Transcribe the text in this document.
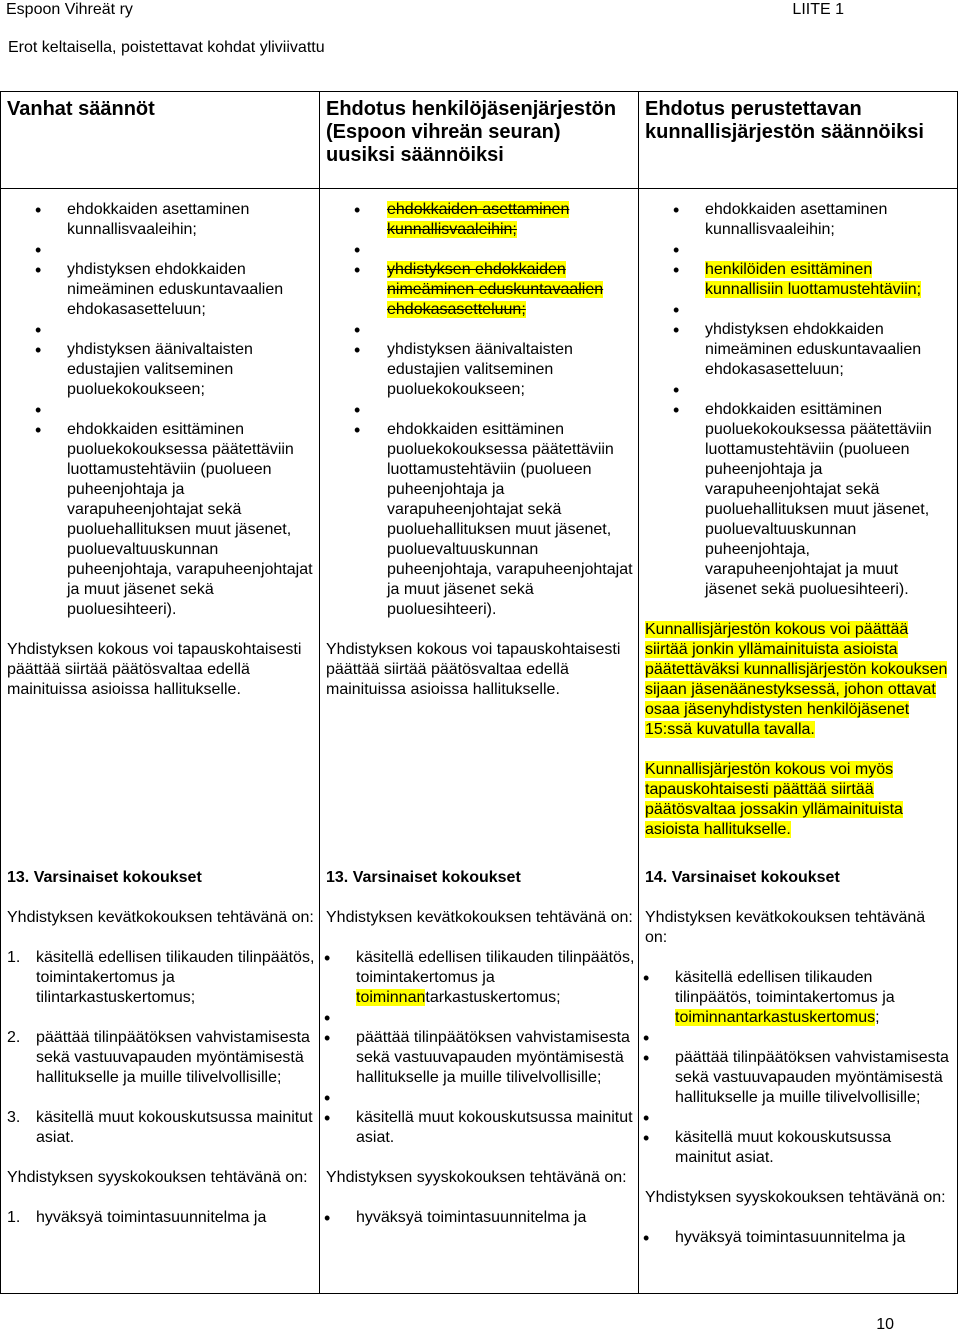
Espoon Vihreät ry	LIITE 1
Erot keltaisella, poistettavat kohdat yliviivattu
Vanhat säännöt	Ehdotus henkilöjäsenjärjestön (Espoon vihreän seuran) uusiksi säännöiksi
Ehdotus perustettavan kunnallisjärjestön säännöiksi
• ehdokkaiden asettaminen kunnallisvaaleihin;
•
• yhdistyksen ehdokkaiden nimeäminen eduskuntavaalien ehdokasasetteluun;
•
• yhdistyksen äänivaltaisten edustajien valitseminen puoluekokoukseen;
•
• ehdokkaiden esittäminen puoluekokouksessa päätettäviin luottamustehtäviin (puolueen puheenjohtaja ja varapuheenjohtajat sekä puoluehallituksen muut jäsenet, puoluevaltuuskunnan puheenjohtaja, varapuheenjohtajat ja muut jäsenet sekä puoluesihteeri).
Yhdistyksen kokous voi tapauskohtaisesti päättää siirtää päätösvaltaa edellä mainituissa asioissa hallitukselle.
13. Varsinaiset kokoukset
Yhdistyksen kevätkokouksen tehtävänä on:
1. käsitellä edellisen tilikauden tilinpäätös, toimintakertomus ja tilintarkastuskertomus;
2. päättää tilinpäätöksen vahvistamisesta sekä vastuuvapauden myöntämisestä hallitukselle ja muille tilivelvollisille;
3. käsitellä muut kokouskutsussa mainitut asiat.
Yhdistyksen syyskokouksen tehtävänä on:
1. hyväksyä toimintasuunnitelma ja
• ehdokkaiden asettaminen kunnallisvaaleihin;
•
• yhdistyksen ehdokkaiden nimeäminen eduskuntavaalien ehdokasasetteluun;
•
• yhdistyksen äänivaltaisten edustajien valitseminen puoluekokoukseen;
•
• ehdokkaiden esittäminen puoluekokouksessa päätettäviin luottamustehtäviin (puolueen puheenjohtaja ja varapuheenjohtajat sekä puoluehallituksen muut jäsenet, puoluevaltuuskunnan puheenjohtaja, varapuheenjohtajat ja muut jäsenet sekä puoluesihteeri).
Yhdistyksen kokous voi tapauskohtaisesti päättää siirtää päätösvaltaa edellä mainituissa asioissa hallitukselle.
13. Varsinaiset kokoukset
Yhdistyksen kevätkokouksen tehtävänä on:
• käsitellä edellisen tilikauden tilinpäätös, toimintakertomus ja toiminnantarkastuskertomus;
•
• päättää tilinpäätöksen vahvistamisesta sekä vastuuvapauden myöntämisestä hallitukselle ja muille tilivelvollisille;
•
• käsitellä muut kokouskutsussa mainitut asiat.
Yhdistyksen syyskokouksen tehtävänä on:
• hyväksyä toimintasuunnitelma ja
• ehdokkaiden asettaminen kunnallisvaaleihin;
•
• henkilöiden esittäminen kunnallisiin luottamustehtäviin;
•
• yhdistyksen ehdokkaiden nimeäminen eduskuntavaalien ehdokasasetteluun;
•
• ehdokkaiden esittäminen puoluekokouksessa päätettäviin luottamustehtäviin (puolueen puheenjohtaja ja varapuheenjohtajat sekä puoluehallituksen muut jäsenet, puoluevaltuuskunnan puheenjohtaja, varapuheenjohtajat ja muut jäsenet sekä puoluesihteeri).
Kunnallisjärjestön kokous voi päättää siirtää jonkin yllämainituista asioista päätettäväksi kunnallisjärjestön kokouksen sijaan jäsenäänestyksessä, johon ottavat osaa jäsenyhdistysten henkilöjäsenet 15:ssä kuvatulla tavalla.
Kunnallisjärjestön kokous voi myös tapauskohtaisesti päättää siirtää päätösvaltaa jossakin yllämainituista asioista hallitukselle.
14. Varsinaiset kokoukset
Yhdistyksen kevätkokouksen tehtävänä on:
• käsitellä edellisen tilikauden tilinpäätös, toimintakertomus ja toiminnantarkastuskertomus;
•
• päättää tilinpäätöksen vahvistamisesta sekä vastuuvapauden myöntämisestä hallitukselle ja muille tilivelvollisille;
•
• käsitellä muut kokouskutsussa mainitut asiat.
Yhdistyksen syyskokouksen tehtävänä on:
• hyväksyä toimintasuunnitelma ja
10
